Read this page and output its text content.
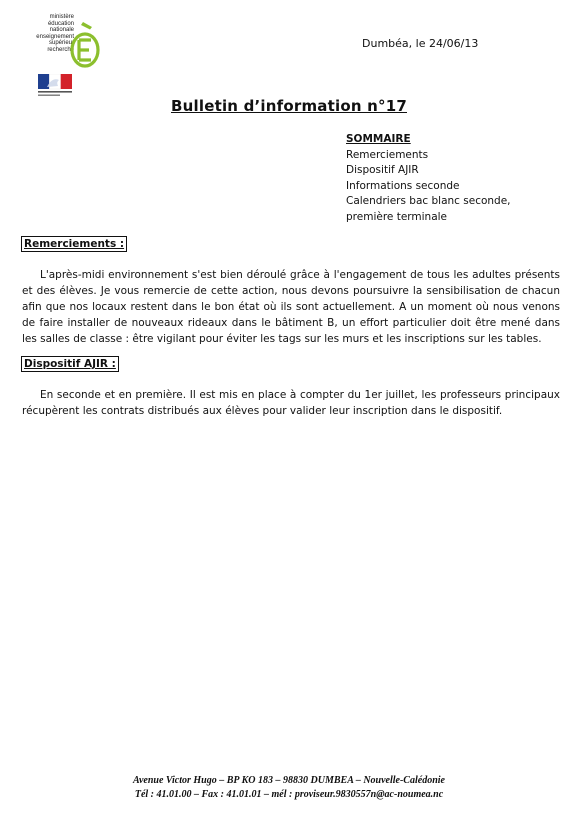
ministère
éducation
nationale
enseignement
supérieur
recherche	Dumbéa, le 24/06/13
Bulletin d’information n°17
SOMMAIRE
Remerciements
Dispositif AJIR
Informations seconde
Calendriers bac blanc seconde, première terminale
Remerciements :
L'après-midi environnement s'est bien déroulé grâce à l'engagement de tous les adultes présents et des élèves. Je vous remercie de cette action, nous devons poursuivre la sensibilisation de chacun afin que nos locaux restent dans le bon état où ils sont actuellement. A un moment où nous venons de faire installer de nouveaux rideaux dans le bâtiment B, un effort particulier doit être mené dans les salles de classe : être vigilant pour éviter les tags sur les murs et les inscriptions sur les tables.
Dispositif AJIR :
En seconde et en première. Il est mis en place à compter du 1er juillet, les professeurs principaux récupèrent les contrats distribués aux élèves pour valider leur inscription dans le dispositif.
Avenue Victor Hugo – BP KO 183 – 98830 DUMBEA – Nouvelle-Calédonie
Tél : 41.01.00 – Fax : 41.01.01 – mél : proviseur.9830557n@ac-noumea.nc
